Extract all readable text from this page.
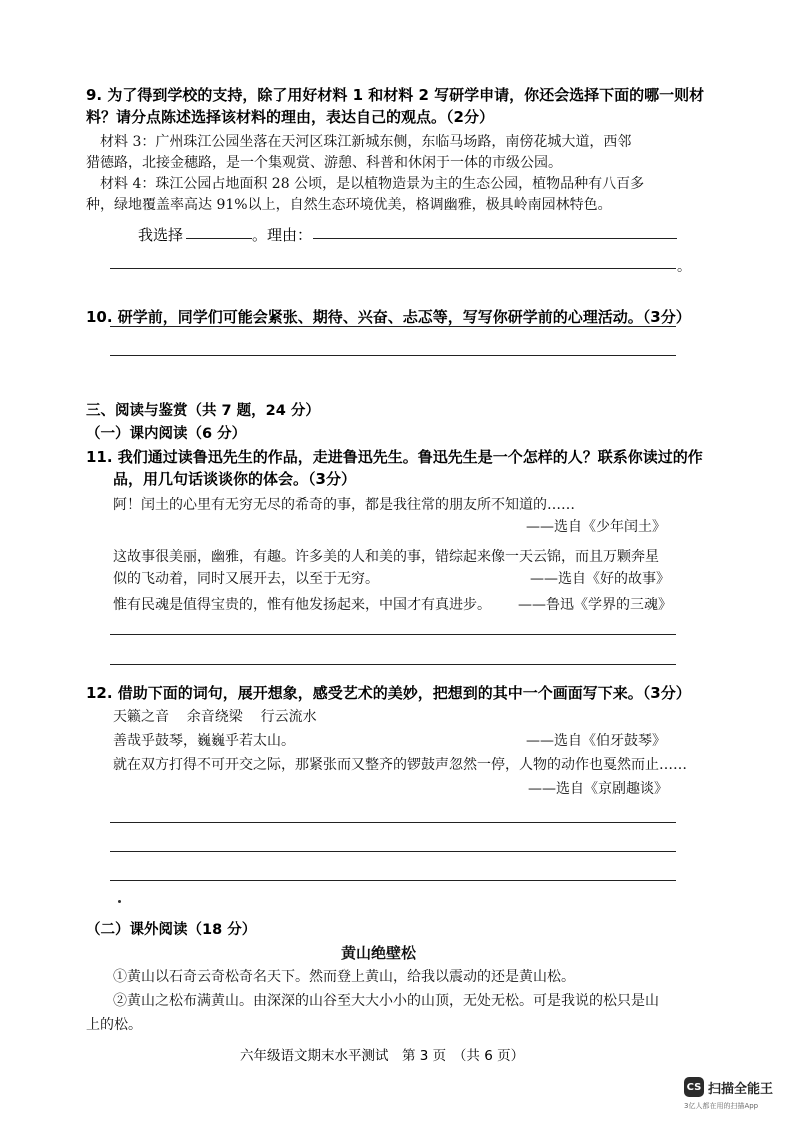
9. 为了得到学校的支持，除了用好材料 1 和材料 2 写研学申请，你还会选择下面的哪一则材
料？请分点陈述选择该材料的理由，表达自己的观点。（2分）
材料 3：广州珠江公园坐落在天河区珠江新城东侧，东临马场路，南傍花城大道，西邻
猎德路，北接金穗路，是一个集观赏、游憩、科普和休闲于一体的市级公园。
材料 4：珠江公园占地面积 28 公顷，是以植物造景为主的生态公园，植物品种有八百多
种，绿地覆盖率高达 91%以上，自然生态环境优美，格调幽雅，极具岭南园林特色。
我选择	。理由：
。
10. 研学前，同学们可能会紧张、期待、兴奋、忐忑等，写写你研学前的心理活动。（3分）
三、阅读与鉴赏（共 7 题，24 分）
（一）课内阅读（6 分）
11. 我们通过读鲁迅先生的作品，走进鲁迅先生。鲁迅先生是一个怎样的人？联系你读过的作
品，用几句话谈谈你的体会。（3分）
阿！闰土的心里有无穷无尽的希奇的事，都是我往常的朋友所不知道的……
——选自《少年闰土》
这故事很美丽，幽雅，有趣。许多美的人和美的事，错综起来像一天云锦，而且万颗奔星
似的飞动着，同时又展开去，以至于无穷。	——选自《好的故事》
惟有民魂是值得宝贵的，惟有他发扬起来，中国才有真进步。 ——鲁迅《学界的三魂》
12. 借助下面的词句，展开想象，感受艺术的美妙，把想到的其中一个画面写下来。（3分）
天籁之音    余音绕梁    行云流水
善哉乎鼓琴，巍巍乎若太山。	——选自《伯牙鼓琴》
就在双方打得不可开交之际，那紧张而又整齐的锣鼓声忽然一停，人物的动作也戛然而止……
——选自《京剧趣谈》
（二）课外阅读（18 分）
黄山绝壁松
①黄山以石奇云奇松奇名天下。然而登上黄山，给我以震动的还是黄山松。
②黄山之松布满黄山。由深深的山谷至大大小小的山顶，无处无松。可是我说的松只是山
上的松。
六年级语文期末水平测试　第 3 页　（共 6 页）
CS 扫描全能王
3亿人都在用的扫描App
